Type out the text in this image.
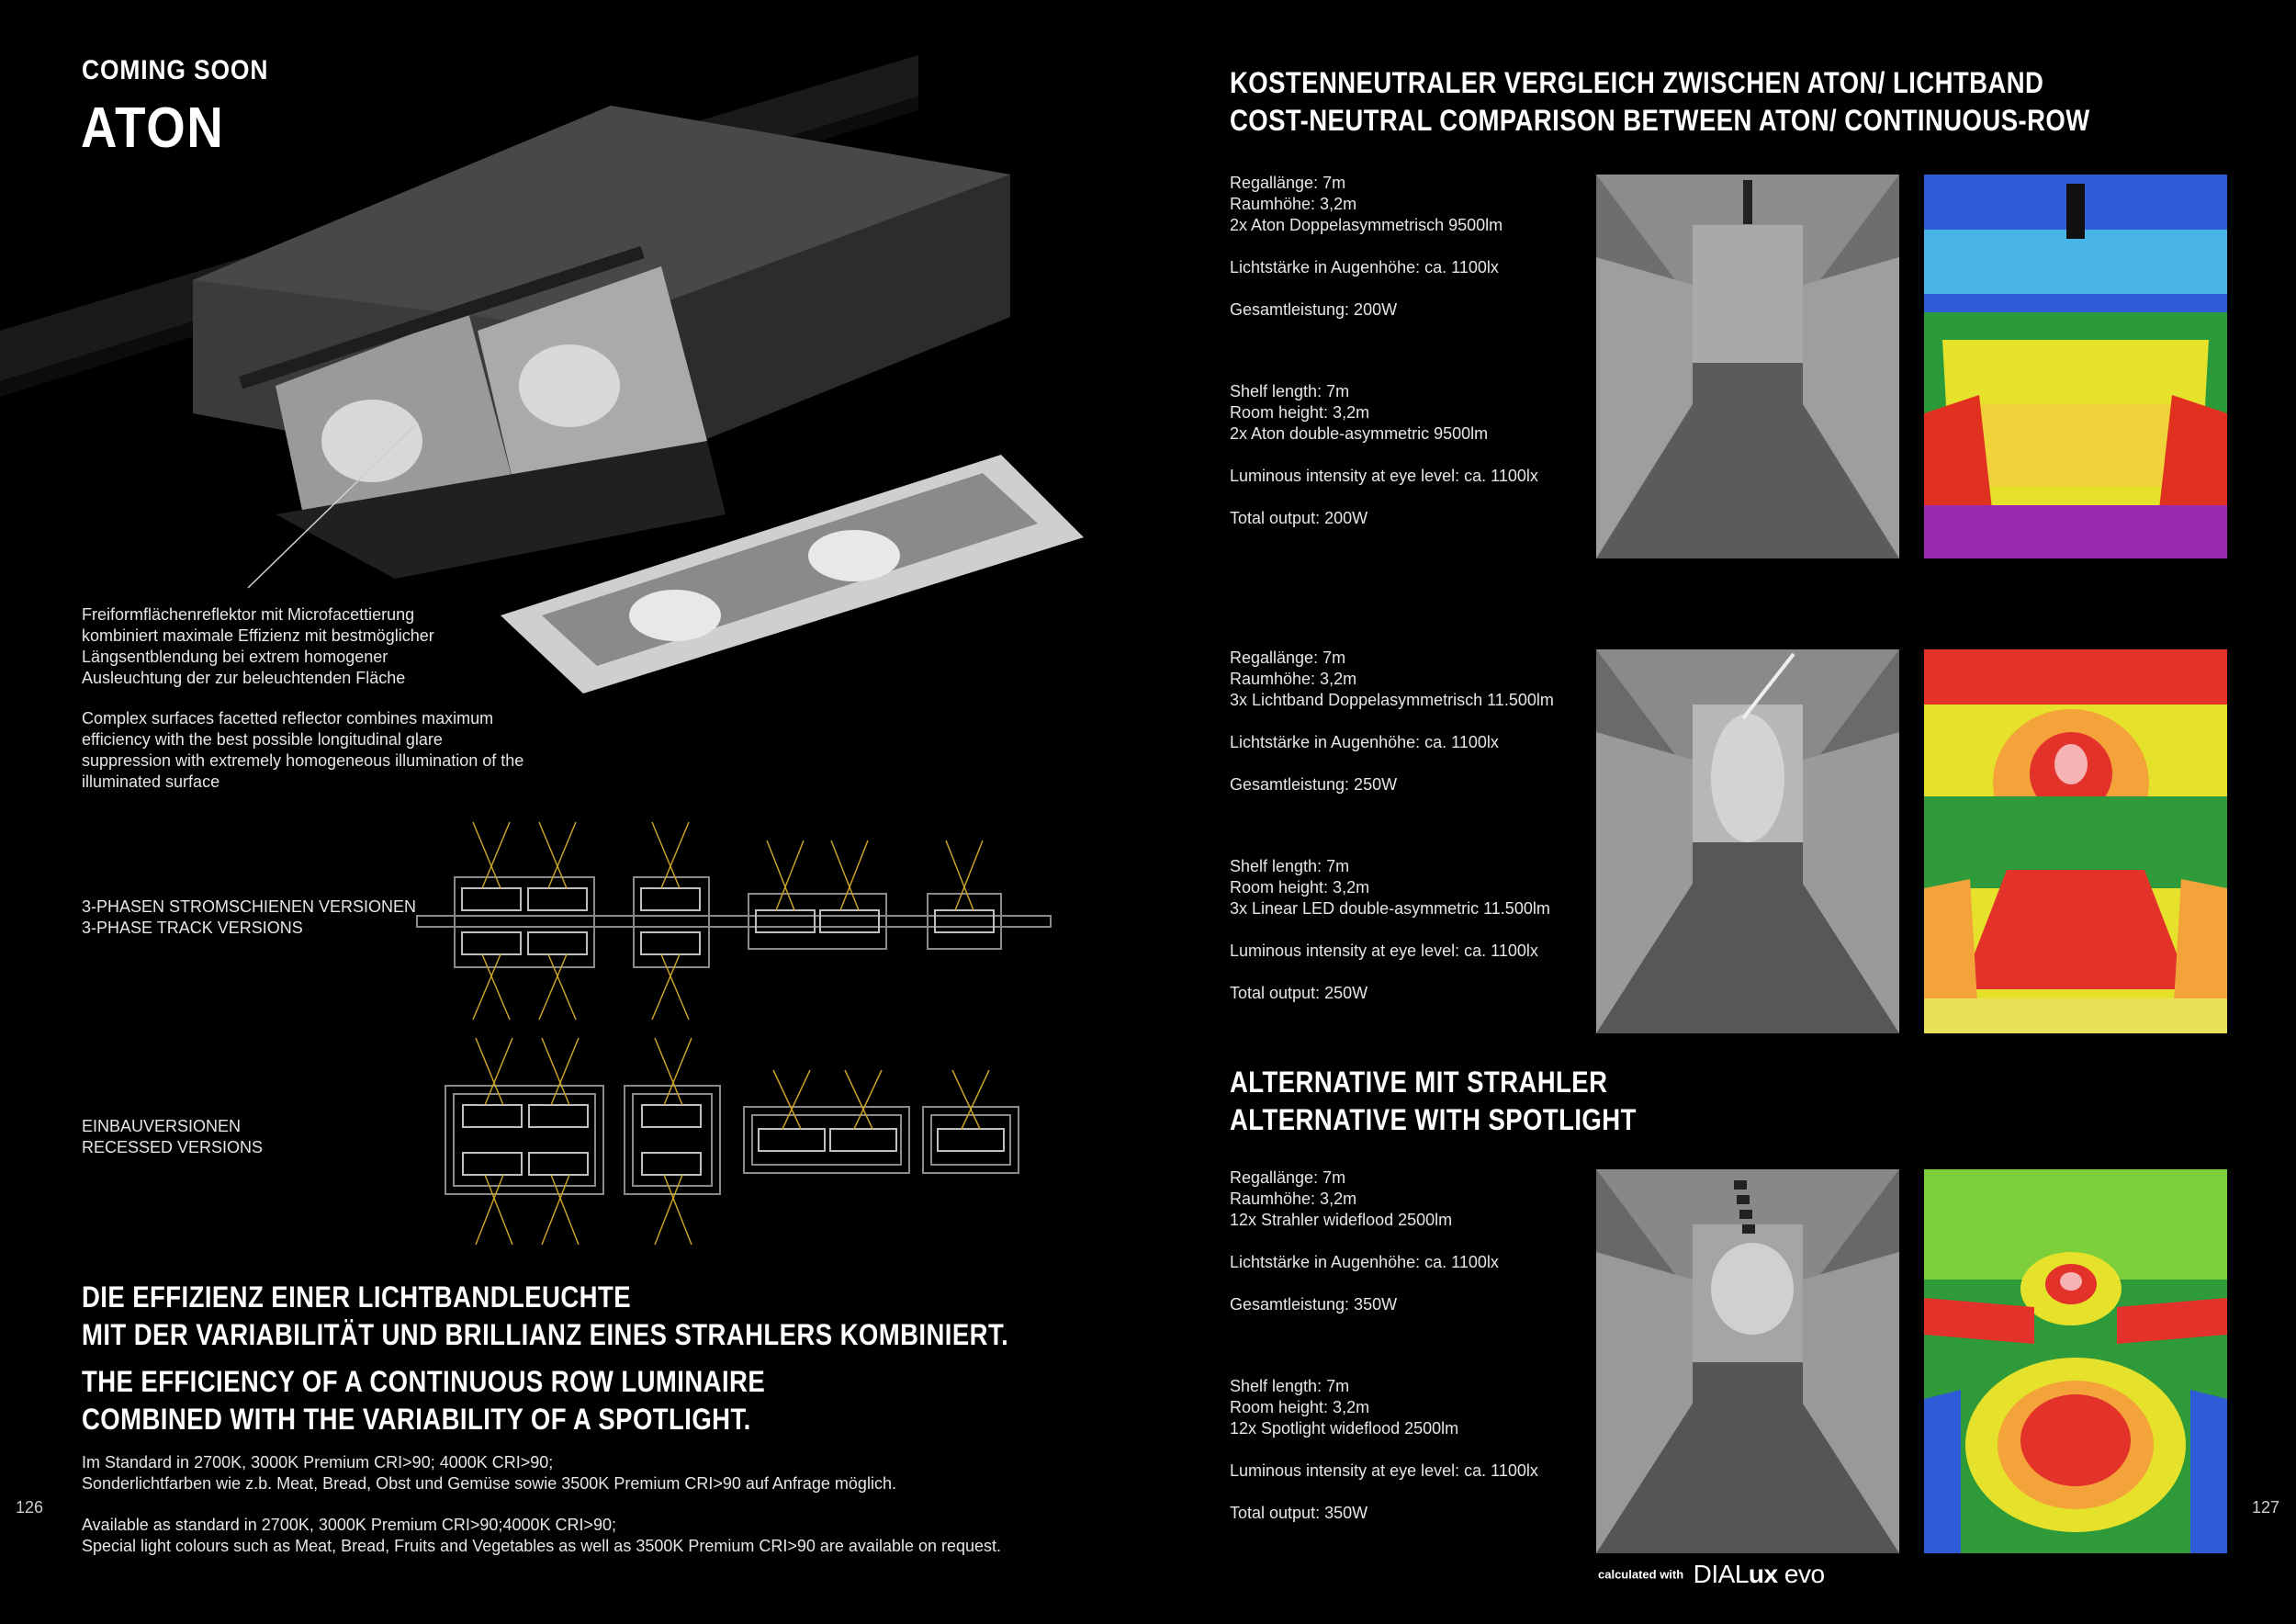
COMING SOON
ATON
Freiformflächenreflektor mit Microfacettierung
kombiniert maximale Effizienz mit bestmöglicher
Längsentblendung bei extrem homogener
Ausleuchtung der zur beleuchtenden Fläche
Complex surfaces facetted reflector combines maximum
efficiency with the best possible longitudinal glare
suppression with extremely homogeneous illumination of the
illuminated surface
3-PHASEN STROMSCHIENEN VERSIONEN
3-PHASE TRACK VERSIONS
EINBAUVERSIONEN
RECESSED VERSIONS
DIE EFFIZIENZ EINER LICHTBANDLEUCHTE
MIT DER VARIABILITÄT UND BRILLIANZ EINES STRAHLERS KOMBINIERT.
THE EFFICIENCY OF A CONTINUOUS ROW LUMINAIRE
COMBINED WITH THE VARIABILITY OF A SPOTLIGHT.
Im Standard in 2700K, 3000K Premium CRI>90; 4000K CRI>90;
Sonderlichtfarben wie z.b. Meat, Bread, Obst und Gemüse sowie 3500K Premium CRI>90 auf Anfrage möglich.
Available as standard in 2700K, 3000K Premium CRI>90;4000K CRI>90;
Special light colours such as Meat, Bread, Fruits and Vegetables as well as 3500K Premium CRI>90 are available on request.
126
KOSTENNEUTRALER VERGLEICH ZWISCHEN ATON/ LICHTBAND
COST-NEUTRAL COMPARISON BETWEEN ATON/ CONTINUOUS-ROW
Regallänge: 7m
Raumhöhe: 3,2m
2x Aton Doppelasymmetrisch 9500lm

Lichtstärke in Augenhöhe: ca. 1100lx

Gesamtleistung: 200W
Shelf length: 7m
Room height: 3,2m
2x Aton double-asymmetric 9500lm

Luminous intensity at eye level: ca. 1100lx

Total output: 200W
Regallänge: 7m
Raumhöhe: 3,2m
3x Lichtband Doppelasymmetrisch 11.500lm

Lichtstärke in Augenhöhe: ca. 1100lx

Gesamtleistung: 250W
Shelf length: 7m
Room height: 3,2m
3x Linear LED double-asymmetric 11.500lm

Luminous intensity at eye level: ca. 1100lx

Total output: 250W
ALTERNATIVE MIT STRAHLER
ALTERNATIVE WITH SPOTLIGHT
Regallänge: 7m
Raumhöhe: 3,2m
12x Strahler wideflood 2500lm

Lichtstärke in Augenhöhe: ca. 1100lx

Gesamtleistung: 350W
Shelf length: 7m
Room height: 3,2m
12x Spotlight wideflood 2500lm

Luminous intensity at eye level: ca. 1100lx

Total output: 350W
calculated with DIALux evo
127
